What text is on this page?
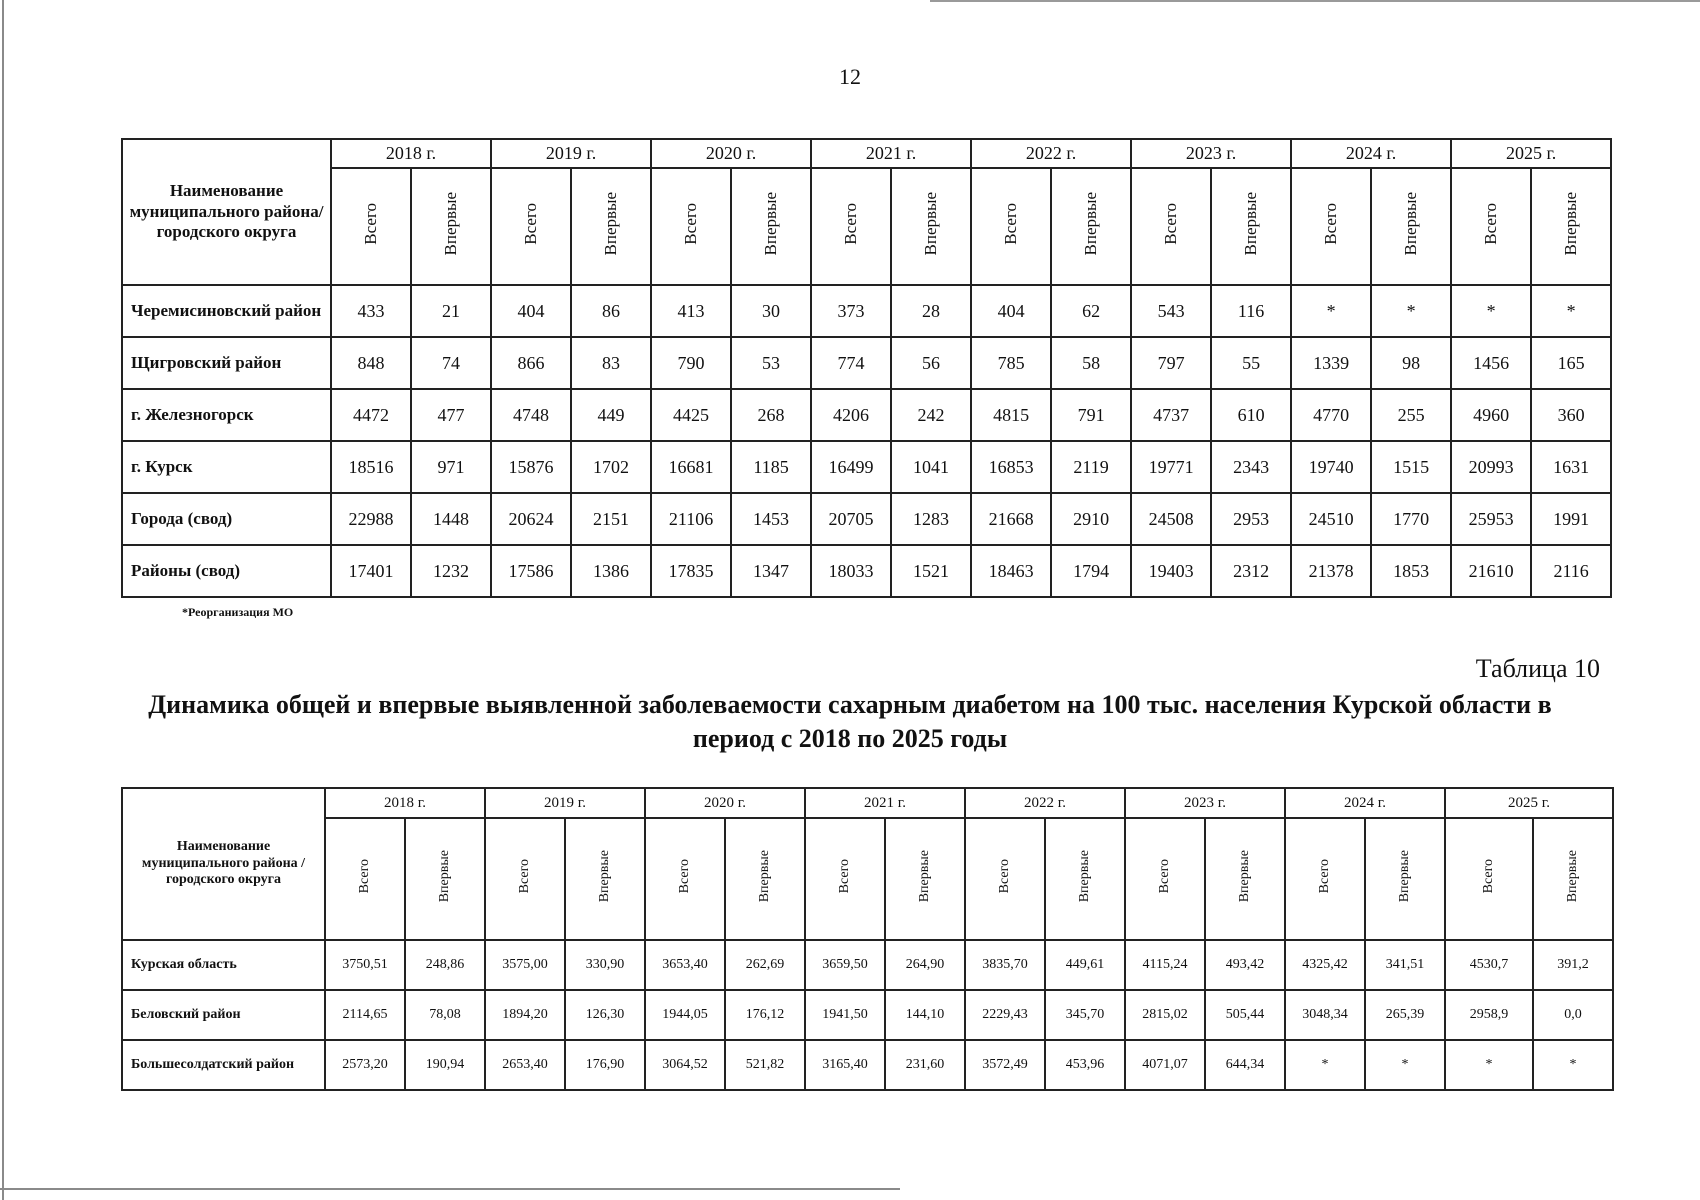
12
Наименование муниципального района/ городского округа	2018 г.		2019 г.		2020 г.		2021 г.		2022 г.		2023 г.		2024 г.		2025 г.	
	Всего	Впервые	Всего	Впервые	Всего	Впервые	Всего	Впервые	Всего	Впервые	Всего	Впервые	Всего	Впервые	Всего	Впервые
Черемисиновский район	433	21	404	86	413	30	373	28	404	62	543	116	*	*	*	*
Щигровский район	848	74	866	83	790	53	774	56	785	58	797	55	1339	98	1456	165
г. Железногорск	4472	477	4748	449	4425	268	4206	242	4815	791	4737	610	4770	255	4960	360
г. Курск	18516	971	15876	1702	16681	1185	16499	1041	16853	2119	19771	2343	19740	1515	20993	1631
Города (свод)	22988	1448	20624	2151	21106	1453	20705	1283	21668	2910	24508	2953	24510	1770	25953	1991
Районы (свод)	17401	1232	17586	1386	17835	1347	18033	1521	18463	1794	19403	2312	21378	1853	21610	2116
*Реорганизация МО
Таблица 10
Динамика общей и впервые выявленной заболеваемости сахарным диабетом на 100 тыс. населения Курской области в период с 2018 по 2025 годы
Наименование муниципального района / городского округа	2018 г.		2019 г.		2020 г.		2021 г.		2022 г.		2023 г.		2024 г.		2025 г.	
	Всего	Впервые	Всего	Впервые	Всего	Впервые	Всего	Впервые	Всего	Впервые	Всего	Впервые	Всего	Впервые	Всего	Впервые
Курская область	3750,51	248,86	3575,00	330,90	3653,40	262,69	3659,50	264,90	3835,70	449,61	4115,24	493,42	4325,42	341,51	4530,7	391,2
Беловский район	2114,65	78,08	1894,20	126,30	1944,05	176,12	1941,50	144,10	2229,43	345,70	2815,02	505,44	3048,34	265,39	2958,9	0,0
Большесолдатский район	2573,20	190,94	2653,40	176,90	3064,52	521,82	3165,40	231,60	3572,49	453,96	4071,07	644,34	*	*	*	*
